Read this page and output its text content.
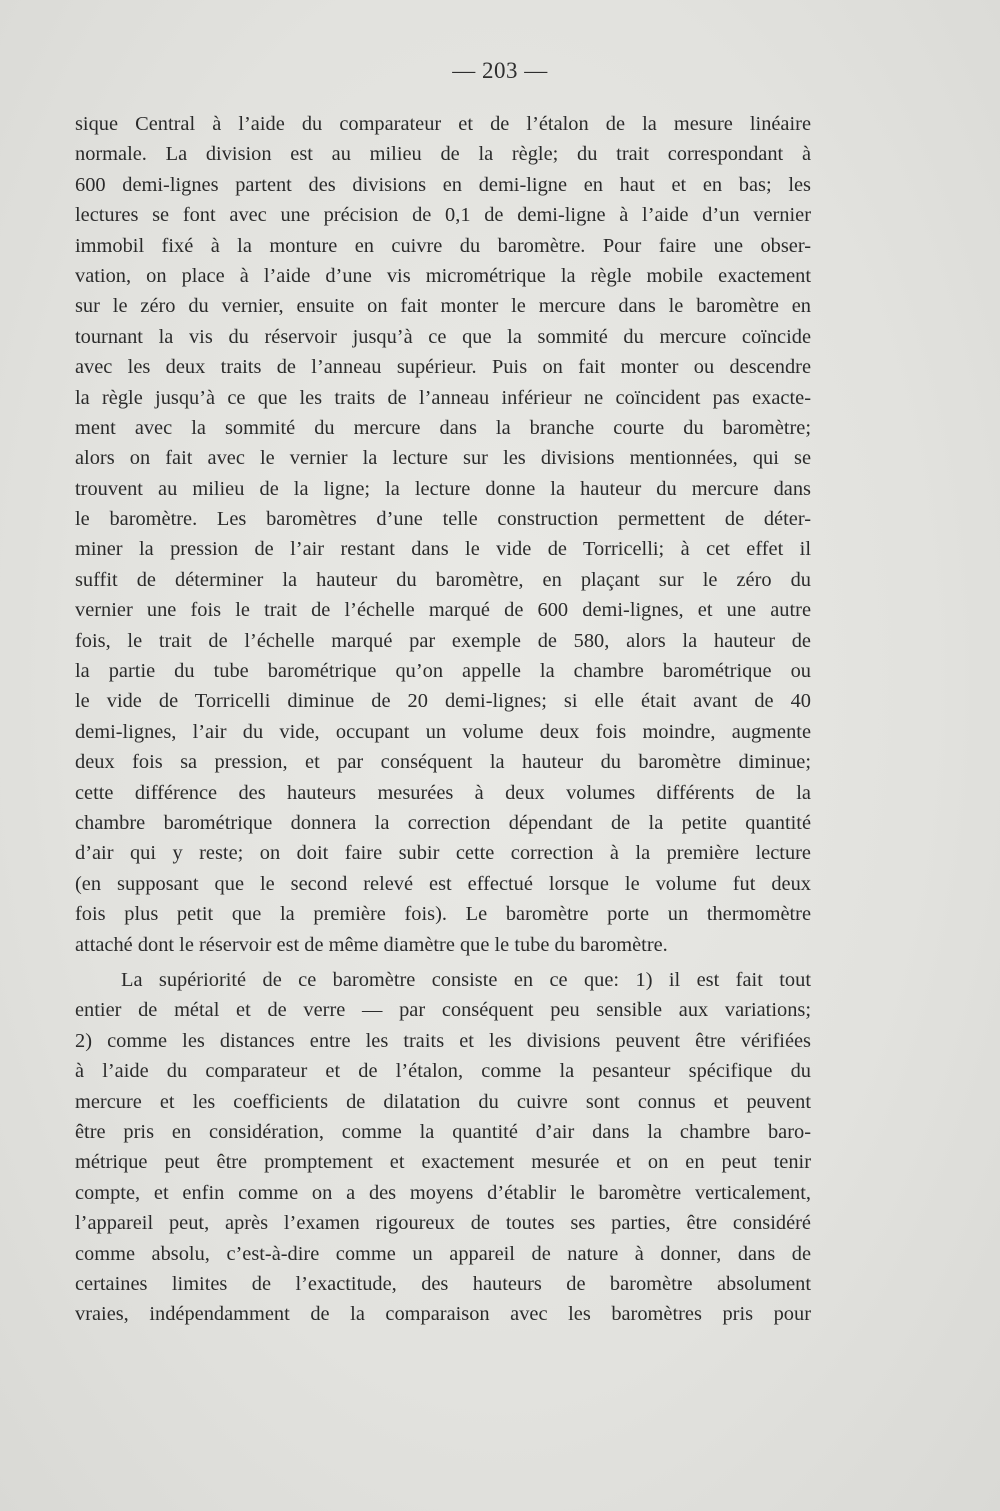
— 203 —
sique Central à l’aide du comparateur et de l’étalon de la mesure linéaire
normale. La division est au milieu de la règle; du trait correspondant à
600 demi-lignes partent des divisions en demi-ligne en haut et en bas; les
lectures se font avec une précision de 0,1 de demi-ligne à l’aide d’un vernier
immobil fixé à la monture en cuivre du baromètre. Pour faire une obser-
vation, on place à l’aide d’une vis micrométrique la règle mobile exactement
sur le zéro du vernier, ensuite on fait monter le mercure dans le baromètre en
tournant la vis du réservoir jusqu’à ce que la sommité du mercure coïncide
avec les deux traits de l’anneau supérieur. Puis on fait monter ou descendre
la règle jusqu’à ce que les traits de l’anneau inférieur ne coïncident pas exacte-
ment avec la sommité du mercure dans la branche courte du baromètre;
alors on fait avec le vernier la lecture sur les divisions mentionnées, qui se
trouvent au milieu de la ligne; la lecture donne la hauteur du mercure dans
le baromètre. Les baromètres d’une telle construction permettent de déter-
miner la pression de l’air restant dans le vide de Torricelli; à cet effet il
suffit de déterminer la hauteur du baromètre, en plaçant sur le zéro du
vernier une fois le trait de l’échelle marqué de 600 demi-lignes, et une autre
fois, le trait de l’échelle marqué par exemple de 580, alors la hauteur de
la partie du tube barométrique qu’on appelle la chambre barométrique ou
le vide de Torricelli diminue de 20 demi-lignes; si elle était avant de 40
demi-lignes, l’air du vide, occupant un volume deux fois moindre, augmente
deux fois sa pression, et par conséquent la hauteur du baromètre diminue;
cette différence des hauteurs mesurées à deux volumes différents de la
chambre barométrique donnera la correction dépendant de la petite quantité
d’air qui y reste; on doit faire subir cette correction à la première lecture
(en supposant que le second relevé est effectué lorsque le volume fut deux
fois plus petit que la première fois). Le baromètre porte un thermomètre
attaché dont le réservoir est de même diamètre que le tube du baromètre.
La supériorité de ce baromètre consiste en ce que: 1) il est fait tout
entier de métal et de verre — par conséquent peu sensible aux variations;
2) comme les distances entre les traits et les divisions peuvent être vérifiées
à l’aide du comparateur et de l’étalon, comme la pesanteur spécifique du
mercure et les coefficients de dilatation du cuivre sont connus et peuvent
être pris en considération, comme la quantité d’air dans la chambre baro-
métrique peut être promptement et exactement mesurée et on en peut tenir
compte, et enfin comme on a des moyens d’établir le baromètre verticalement,
l’appareil peut, après l’examen rigoureux de toutes ses parties, être considéré
comme absolu, c’est-à-dire comme un appareil de nature à donner, dans de
certaines limites de l’exactitude, des hauteurs de baromètre absolument
vraies, indépendamment de la comparaison avec les baromètres pris pour
